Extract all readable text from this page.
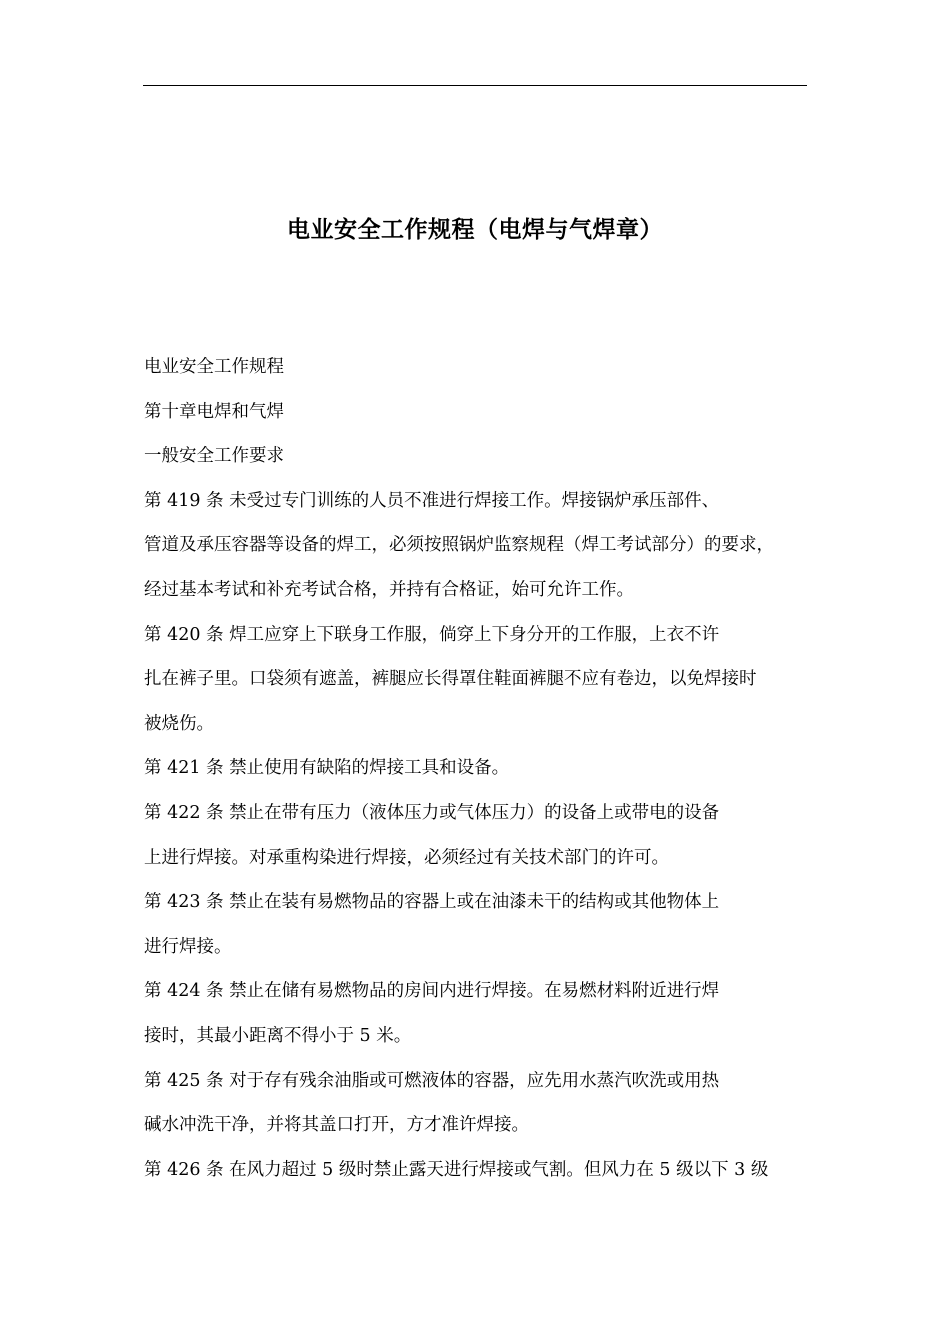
电业安全工作规程（电焊与气焊章）
电业安全工作规程
第十章电焊和气焊
一般安全工作要求
第 419 条 未受过专门训练的人员不准进行焊接工作。焊接锅炉承压部件、
管道及承压容器等设备的焊工，必须按照锅炉监察规程（焊工考试部分）的要求，
经过基本考试和补充考试合格，并持有合格证，始可允许工作。
第 420 条 焊工应穿上下联身工作服，倘穿上下身分开的工作服，上衣不许
扎在裤子里。口袋须有遮盖，裤腿应长得罩住鞋面裤腿不应有卷边，以免焊接时
被烧伤。
第 421 条 禁止使用有缺陷的焊接工具和设备。
第 422 条 禁止在带有压力（液体压力或气体压力）的设备上或带电的设备
上进行焊接。对承重构染进行焊接，必须经过有关技术部门的许可。
第 423 条 禁止在装有易燃物品的容器上或在油漆未干的结构或其他物体上
进行焊接。
第 424 条 禁止在储有易燃物品的房间内进行焊接。在易燃材料附近进行焊
接时，其最小距离不得小于 5 米。
第 425 条 对于存有残余油脂或可燃液体的容器，应先用水蒸汽吹洗或用热
碱水冲洗干净，并将其盖口打开，方才准许焊接。
第 426 条 在风力超过 5 级时禁止露天进行焊接或气割。但风力在 5 级以下 3 级
